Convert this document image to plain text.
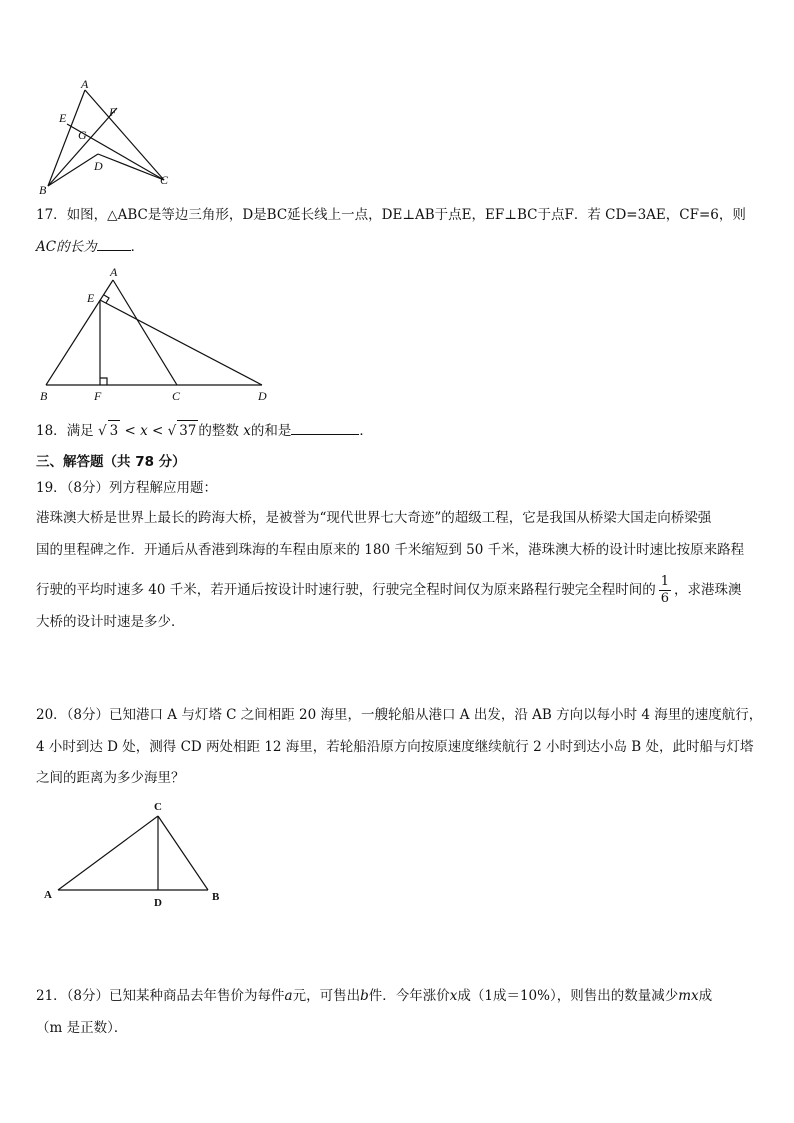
A
E	F
G
D
B
C
17．如图，△ABC是等边三角形，D是BC延长线上一点，DE⊥AB于点E，EF⊥BC于点F．若 CD=3AE，CF=6，则
AC的长为	．
A
E
B	F	C	D
18．满足 √ 3 < x < √ 37 的整数 x的和是	．
三、解答题（共 78 分）
19．（8分）列方程解应用题：
港珠澳大桥是世界上最长的跨海大桥，是被誉为“现代世界七大奇迹”的超级工程，它是我国从桥梁大国走向桥梁强
国的里程碑之作．开通后从香港到珠海的车程由原来的 180 千米缩短到 50 千米，港珠澳大桥的设计时速比按原来路程
行驶的平均时速多 40 千米，若开通后按设计时速行驶，行驶完全程时间仅为原来路程行驶完全程时间的 $\frac{1}{6}$ ，求港珠澳
大桥的设计时速是多少．
20．（8分）已知港口 A 与灯塔 C 之间相距 20 海里，一艘轮船从港口 A 出发，沿 AB 方向以每小时 4 海里的速度航行，
4 小时到达 D 处，测得 CD 两处相距 12 海里，若轮船沿原方向按原速度继续航行 2 小时到达小岛 B 处，此时船与灯塔
之间的距离为多少海里？
C
A
D	B
21．（8分）已知某种商品去年售价为每件a元，可售出b件．今年涨价x成（1成＝10%），则售出的数量减少mx成
（m 是正数）．
